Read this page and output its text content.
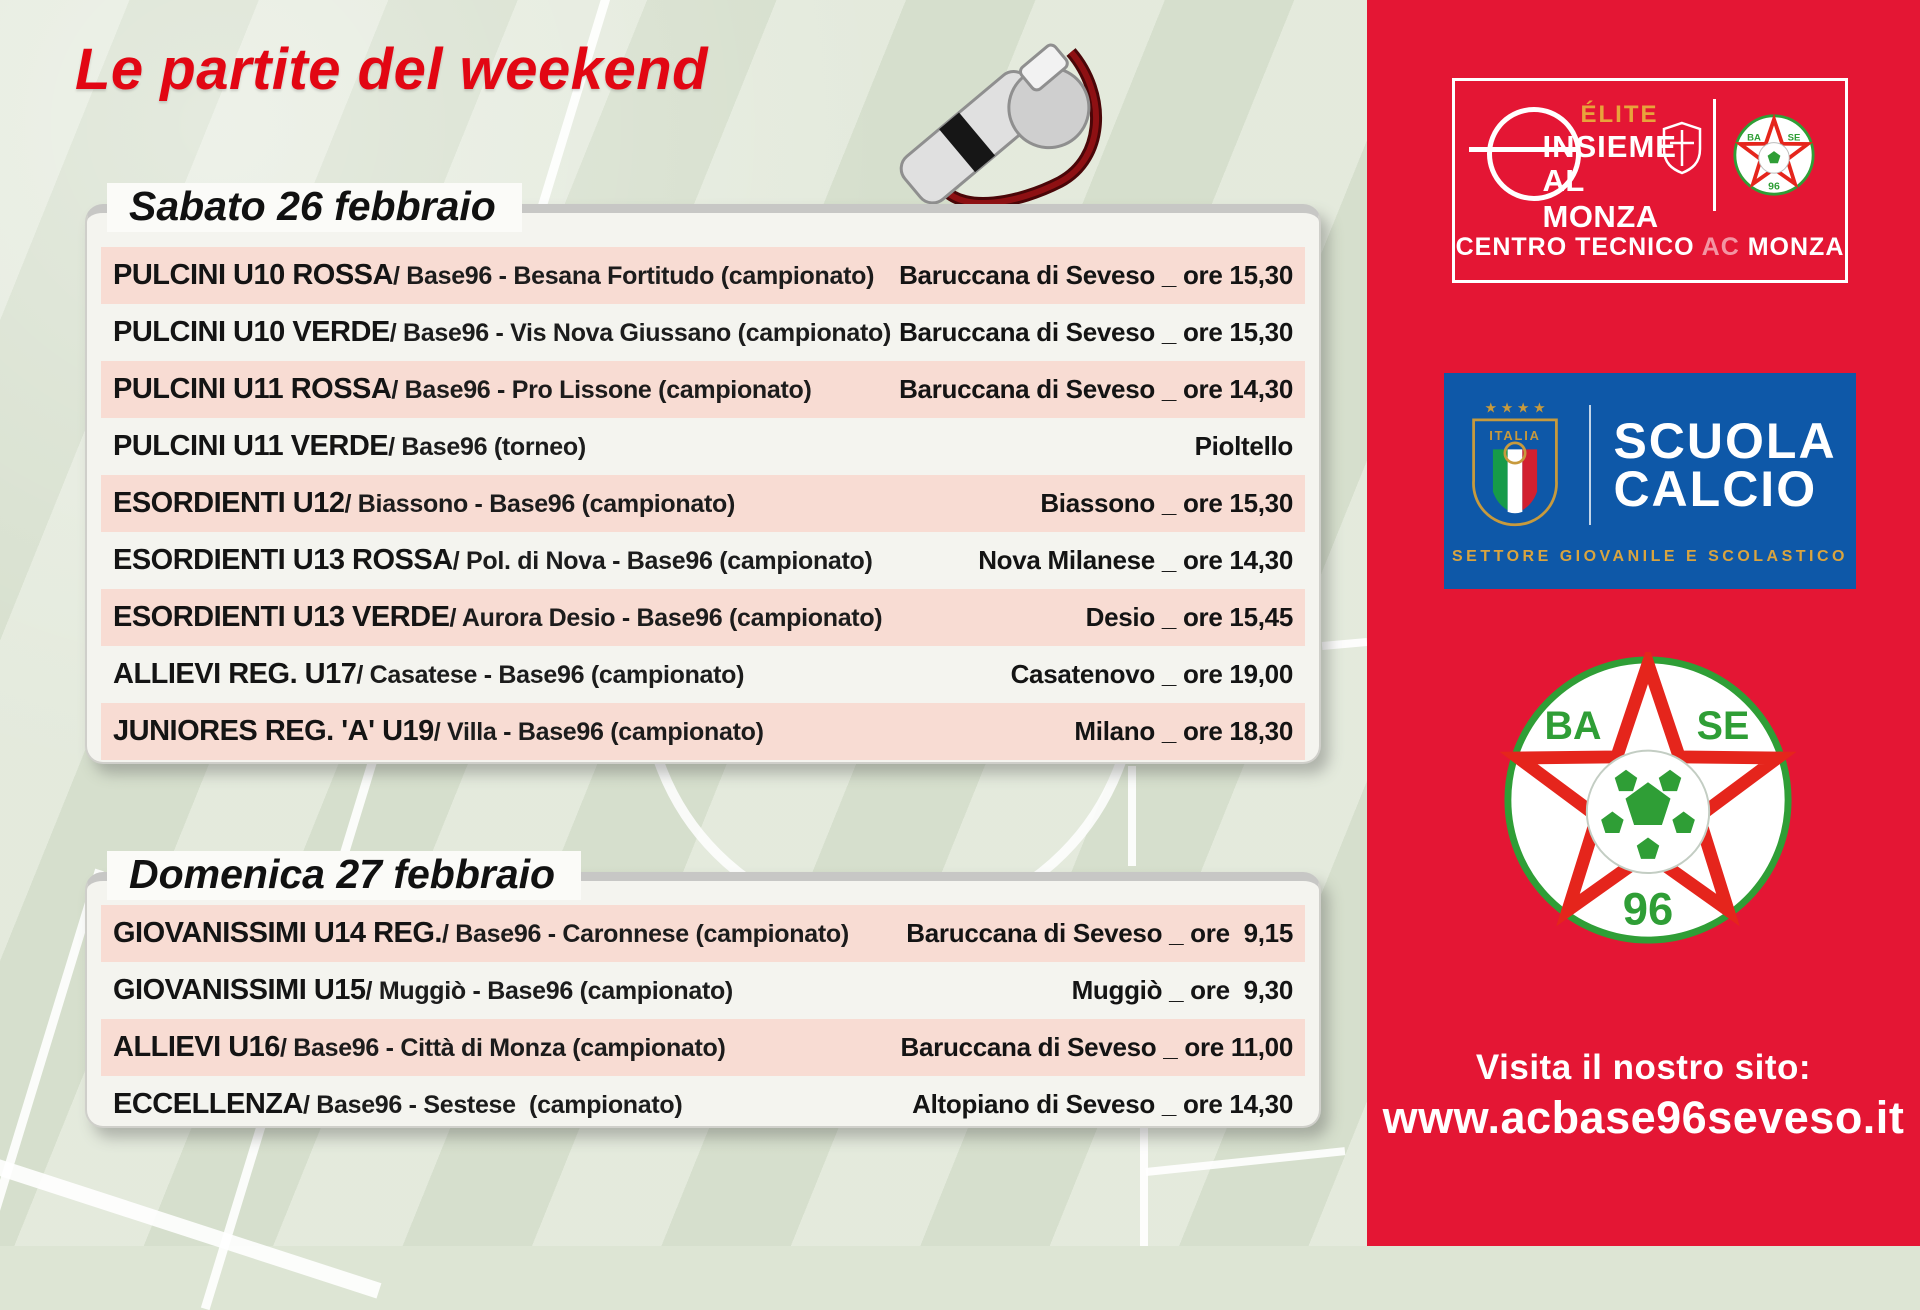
Le partite del weekend
Sabato 26 febbraio
PULCINI U10 ROSSA/ Base96 - Besana Fortitudo (campionato) Baruccana di Seveso _ ore 15,30
PULCINI U10 VERDE/ Base96 - Vis Nova Giussano (campionato) Baruccana di Seveso _ ore 15,30
PULCINI U11 ROSSA/ Base96 - Pro Lissone (campionato)	Baruccana di Seveso _ ore 14,30
PULCINI U11 VERDE/ Base96 (torneo)	Pioltello
ESORDIENTI U12/ Biassono - Base96 (campionato)	Biassono _ ore 15,30
ESORDIENTI U13 ROSSA/ Pol. di Nova - Base96 (campionato)	Nova Milanese _ ore 14,30
ESORDIENTI U13 VERDE/ Aurora Desio - Base96 (campionato)	Desio _ ore 15,45
ALLIEVI REG. U17/ Casatese - Base96 (campionato)	Casatenovo _ ore 19,00
JUNIORES REG. 'A' U19/ Villa - Base96 (campionato)	Milano _ ore 18,30
Domenica 27 febbraio
GIOVANISSIMI U14 REG./ Base96 - Caronnese (campionato)	Baruccana di Seveso _ ore  9,15
GIOVANISSIMI U15/ Muggiò - Base96 (campionato)	Muggiò _ ore  9,30
ALLIEVI U16/ Base96 - Città di Monza (campionato)	Baruccana di Seveso _ ore 11,00
ECCELLENZA/ Base96 - Sestese  (campionato)	Altopiano di Seveso _ ore 14,30
ÉLITE
INSIEME
AL MONZA
BA	SE
96
CENTRO TECNICO AC MONZA
★ ★ ★ ★
ITALIA SCUOLA
CALCIO
SETTORE GIOVANILE E SCOLASTICO
BA SE
96
Visita il nostro sito:
www.acbase96seveso.it
